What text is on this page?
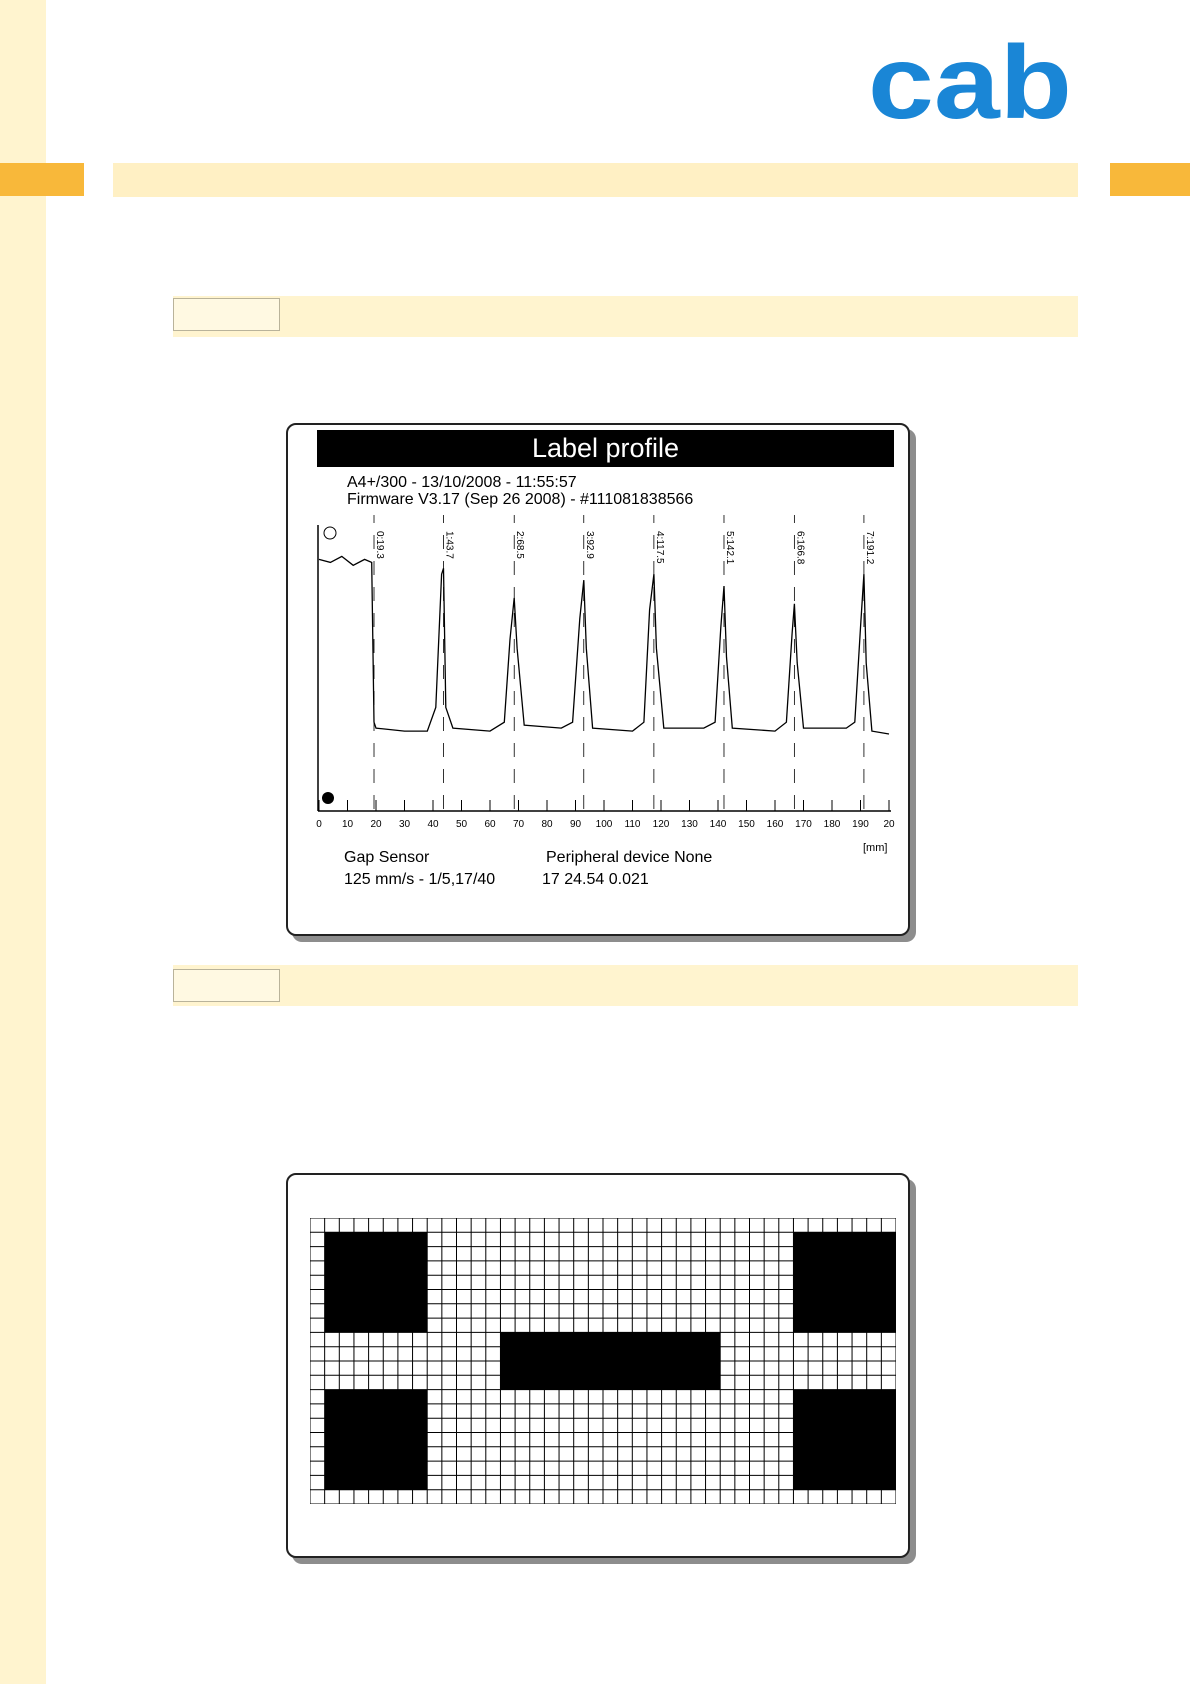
cab
Label profile
A4+/300 - 13/10/2008 - 11:55:57
Firmware V3.17 (Sep 26 2008) - #111081838566
0:19.3	1:43.7	2:68.5	3:92.9	4:117.5	5:142.1	6:166.8	7:191.2
0 10 20 30 40 50 60 70 80 90 100 110 120 130 140 150 160 170 180 190 20
Gap Sensor
125 mm/s - 1/5,17/40
Peripheral device None
17 24.54 0.021
[mm]
